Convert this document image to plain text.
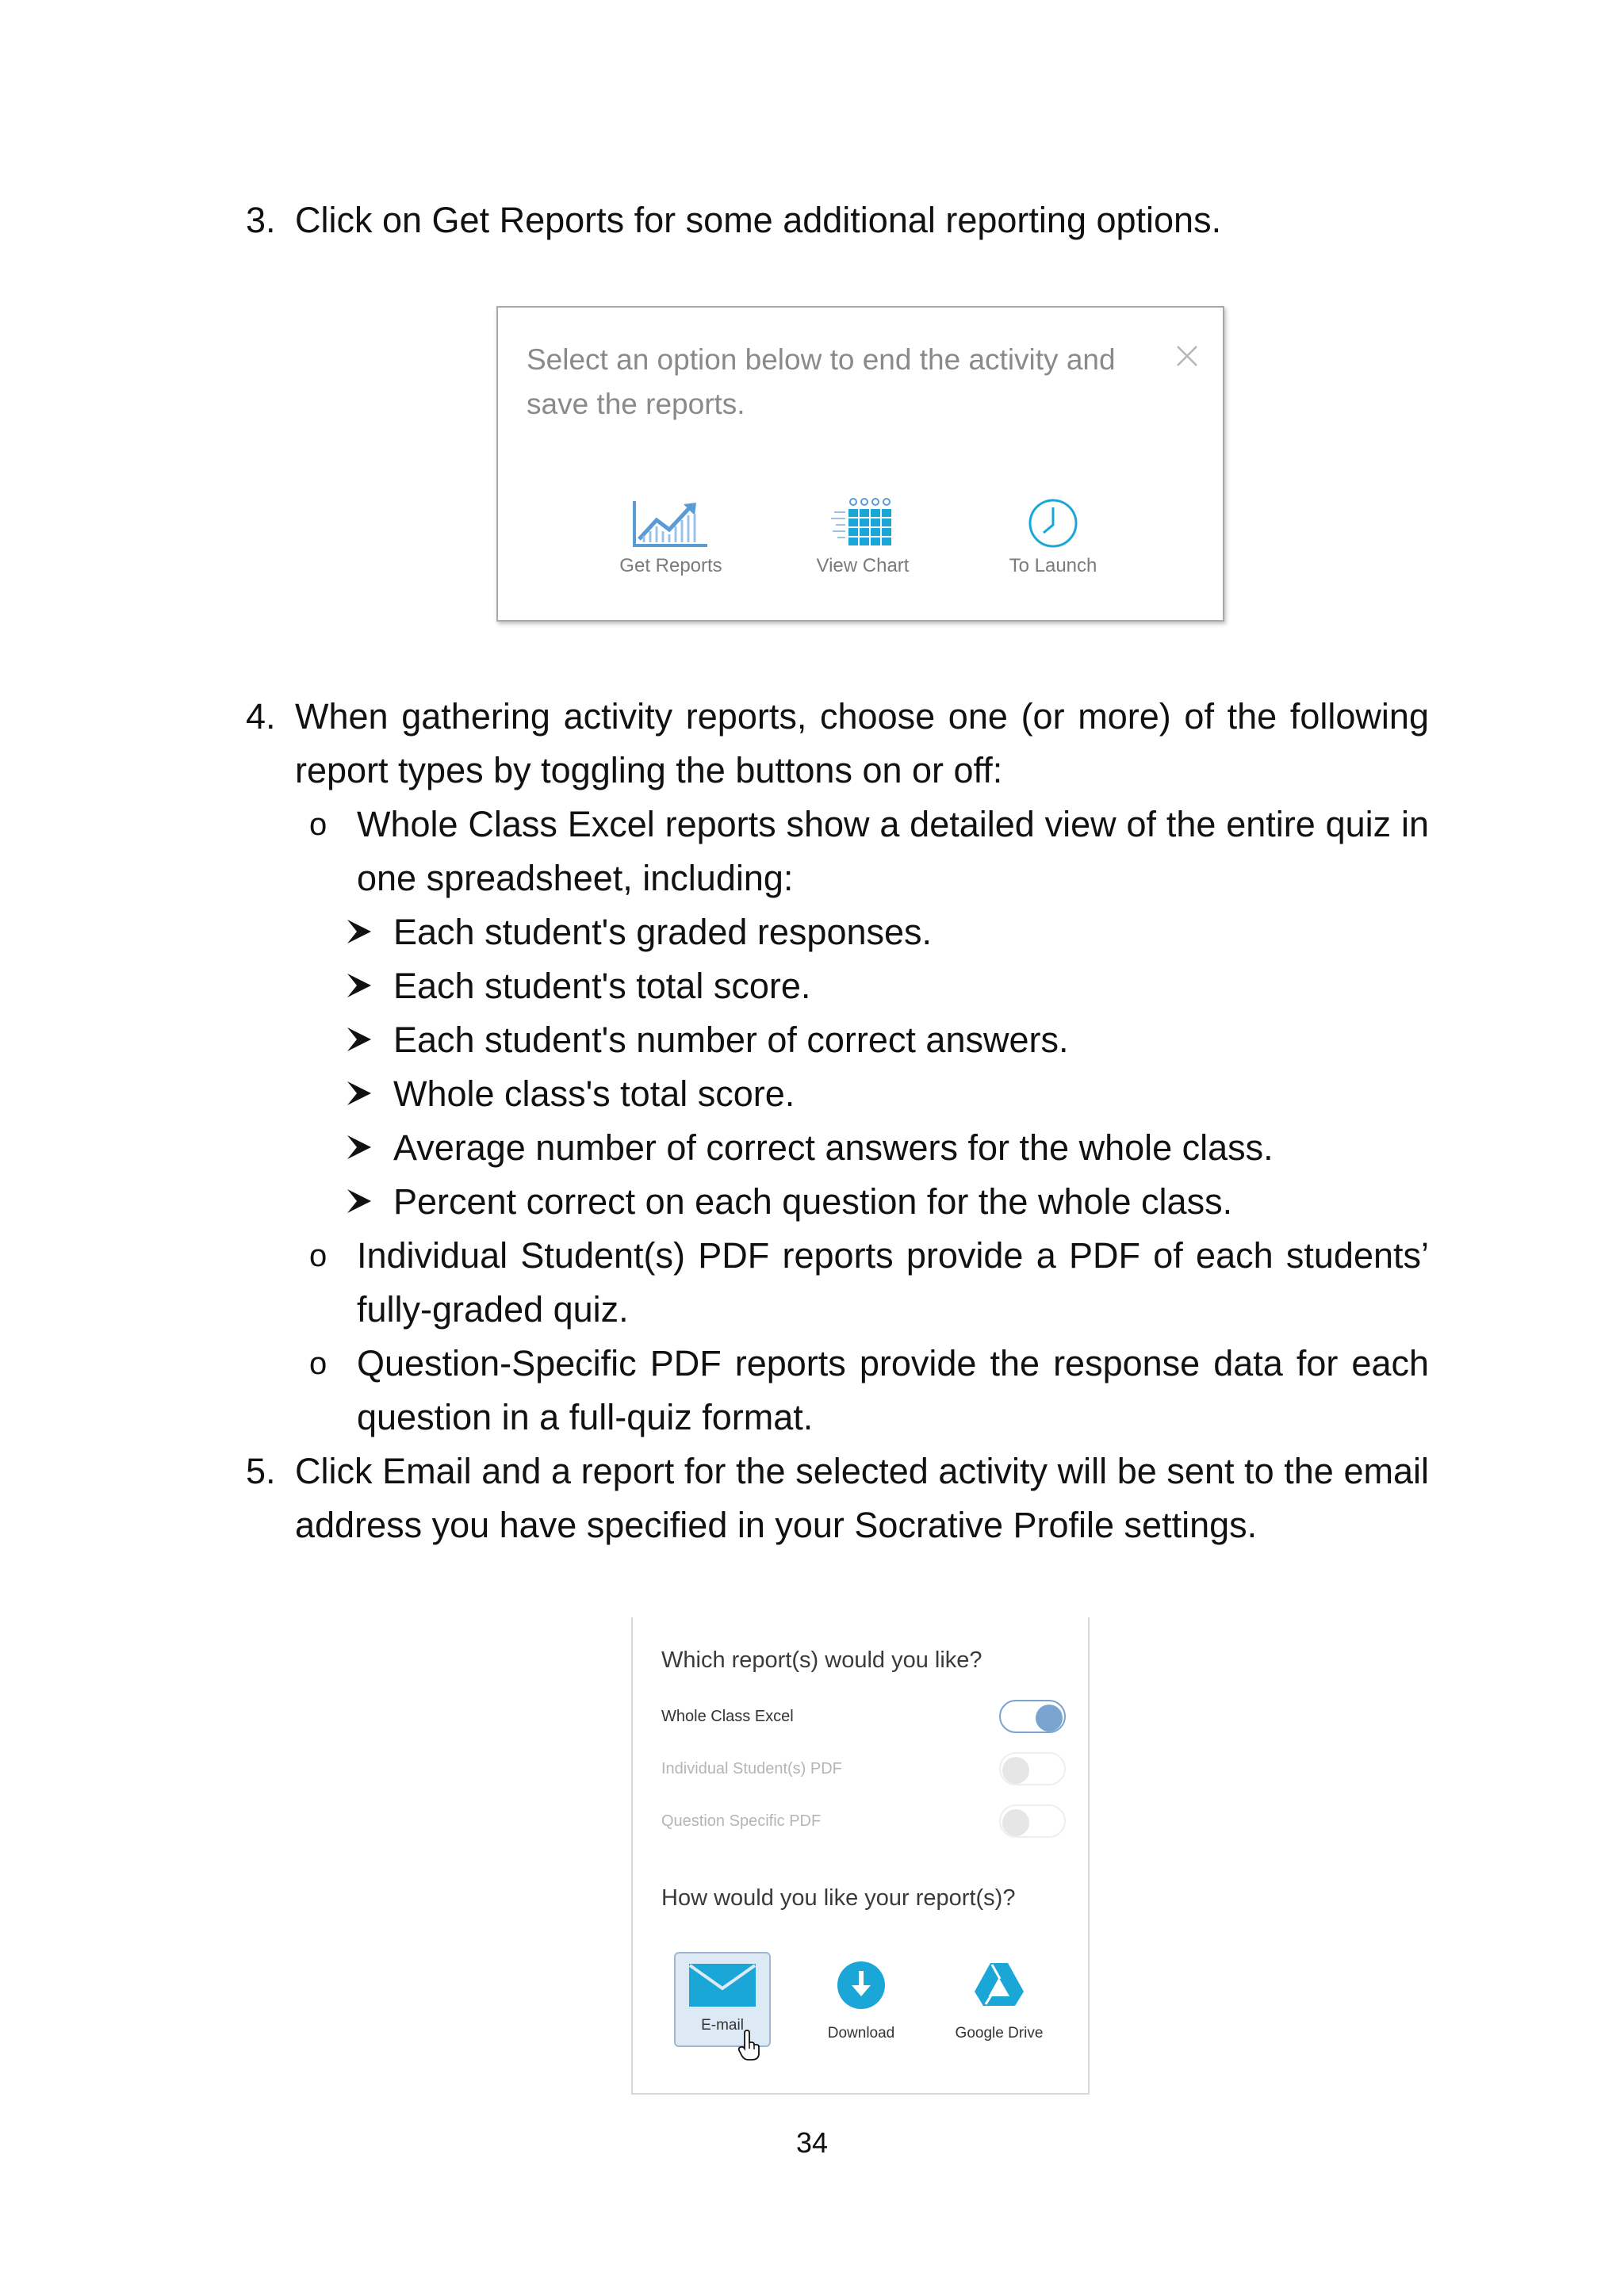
3. Click on Get Reports for some additional reporting options.
Select an option below to end the activity and save the reports.
Get Reports	View Chart	To Launch
4. When gathering activity reports, choose one (or more) of the following report types by toggling the buttons on or off:
o Whole Class Excel reports show a detailed view of the entire quiz in one spreadsheet, including:
Each student's graded responses.
Each student's total score.
Each student's number of correct answers.
Whole class's total score.
Average number of correct answers for the whole class.
Percent correct on each question for the whole class.
o Individual Student(s) PDF reports provide a PDF of each students’ fully-graded quiz.
o Question-Specific PDF reports provide the response data for each question in a full-quiz format.
5. Click Email and a report for the selected activity will be sent to the email address you have specified in your Socrative Profile settings.
Which report(s) would you like?
Whole Class Excel
Individual Student(s) PDF
Question Specific PDF
How would you like your report(s)?
E-mail	Download	Google Drive
34
